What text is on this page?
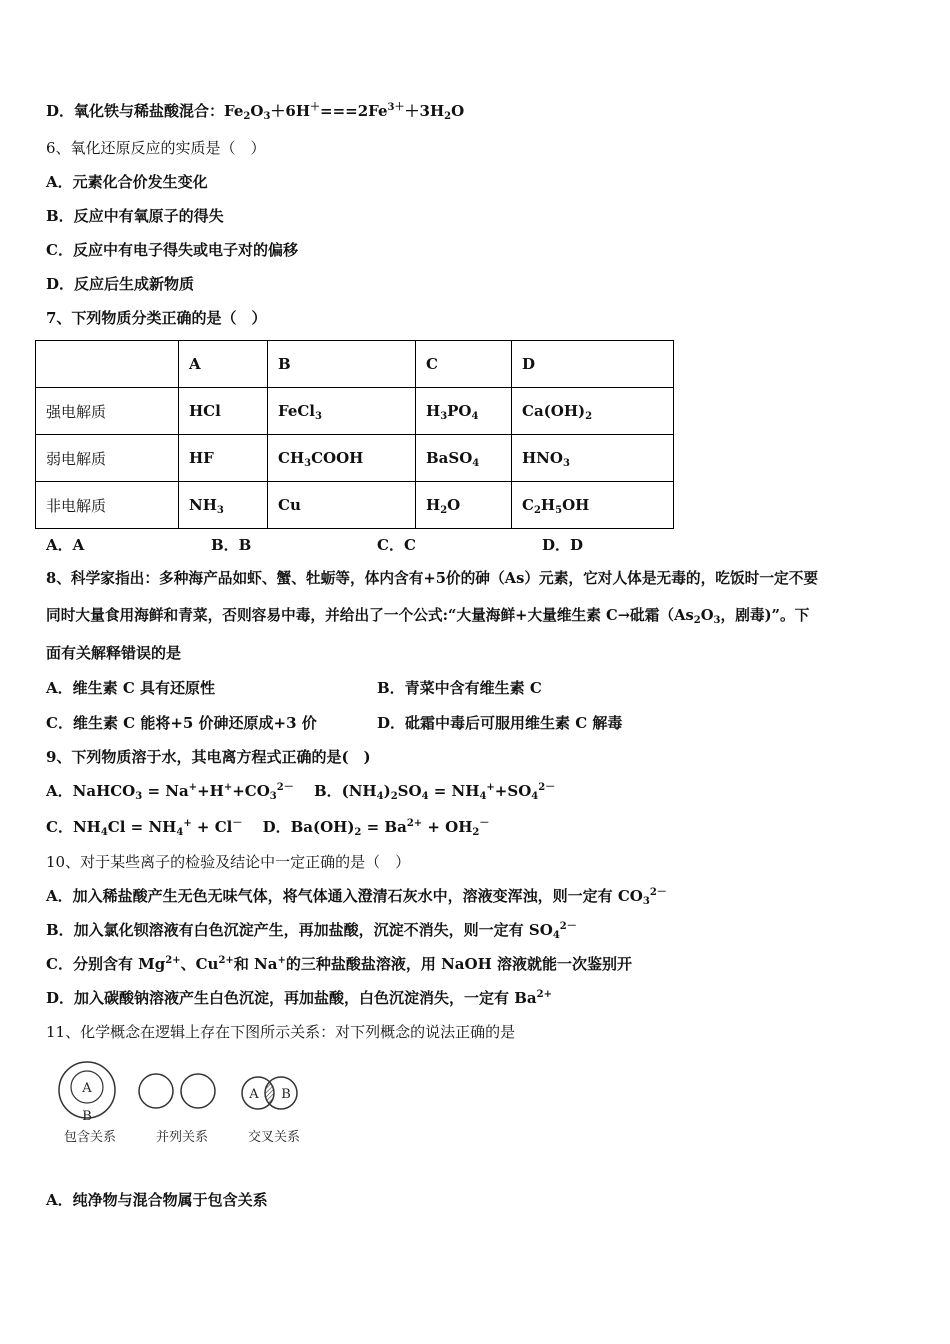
D．氧化铁与稀盐酸混合：$Fe_2O_3+6H^+===2Fe^{3+}+3H_2O$
6、氧化还原反应的实质是（　）
A．元素化合价发生变化
B．反应中有氧原子的得失
C．反应中有电子得失或电子对的偏移
D．反应后生成新物质
7、下列物质分类正确的是（　）
	A	B	C	D
强电解质	HCl	FeCl$_3$	$H_3PO_4$	$Ca(OH)_2$
弱电解质	HF	$CH_3COOH$	BaSO$_4$	$HNO_3$
非电解质	$NH_3$	Cu	$H_2O$	$C_2H_5OH$
A．A	B．B	C．C	D．D
8、科学家指出：多种海产品如虾、蟹、牡蛎等，体内含有+5价的砷（As）元素，它对人体是无毒的，吃饭时一定不要
同时大量食用海鲜和青菜，否则容易中毒，并给出了一个公式:“大量海鲜+大量维生素 C→砒霜（$As_2O_3$，剧毒)”。下
面有关解释错误的是
A．维生素 C 具有还原性	B．青菜中含有维生素 C
C．维生素 C 能将+5 价砷还原成+3 价	D．砒霜中毒后可服用维生素 C 解毒
9、下列物质溶于水，其电离方程式正确的是(　)
A．NaHCO$_3$ = $Na^++H^++CO_3^{2-}$　 B．$(NH_4)_2SO_4 = NH_4^++SO_4^{2-}$
C．$NH_4Cl = NH_4^+ + Cl^-$　 D．$Ba(OH)_2 = Ba^{2+} + OH_2^-$
10、对于某些离子的检验及结论中一定正确的是（　）
A．加入稀盐酸产生无色无味气体，将气体通入澄清石灰水中，溶液变浑浊，则一定有 $CO_3^{2-}$
B．加入氯化钡溶液有白色沉淀产生，再加盐酸，沉淀不消失，则一定有 $SO_4^{2-}$
C．分别含有 $Mg^{2+}$、$Cu^{2+}$和 Na+的三种盐酸盐溶液，用 NaOH 溶液就能一次鉴别开
D．加入碳酸钠溶液产生白色沉淀，再加盐酸，白色沉淀消失，一定有 $Ba^{2+}$
11、化学概念在逻辑上存在下图所示关系：对下列概念的说法正确的是
A
B
A B
包含关系	并列关系	交叉关系
A．纯净物与混合物属于包含关系
